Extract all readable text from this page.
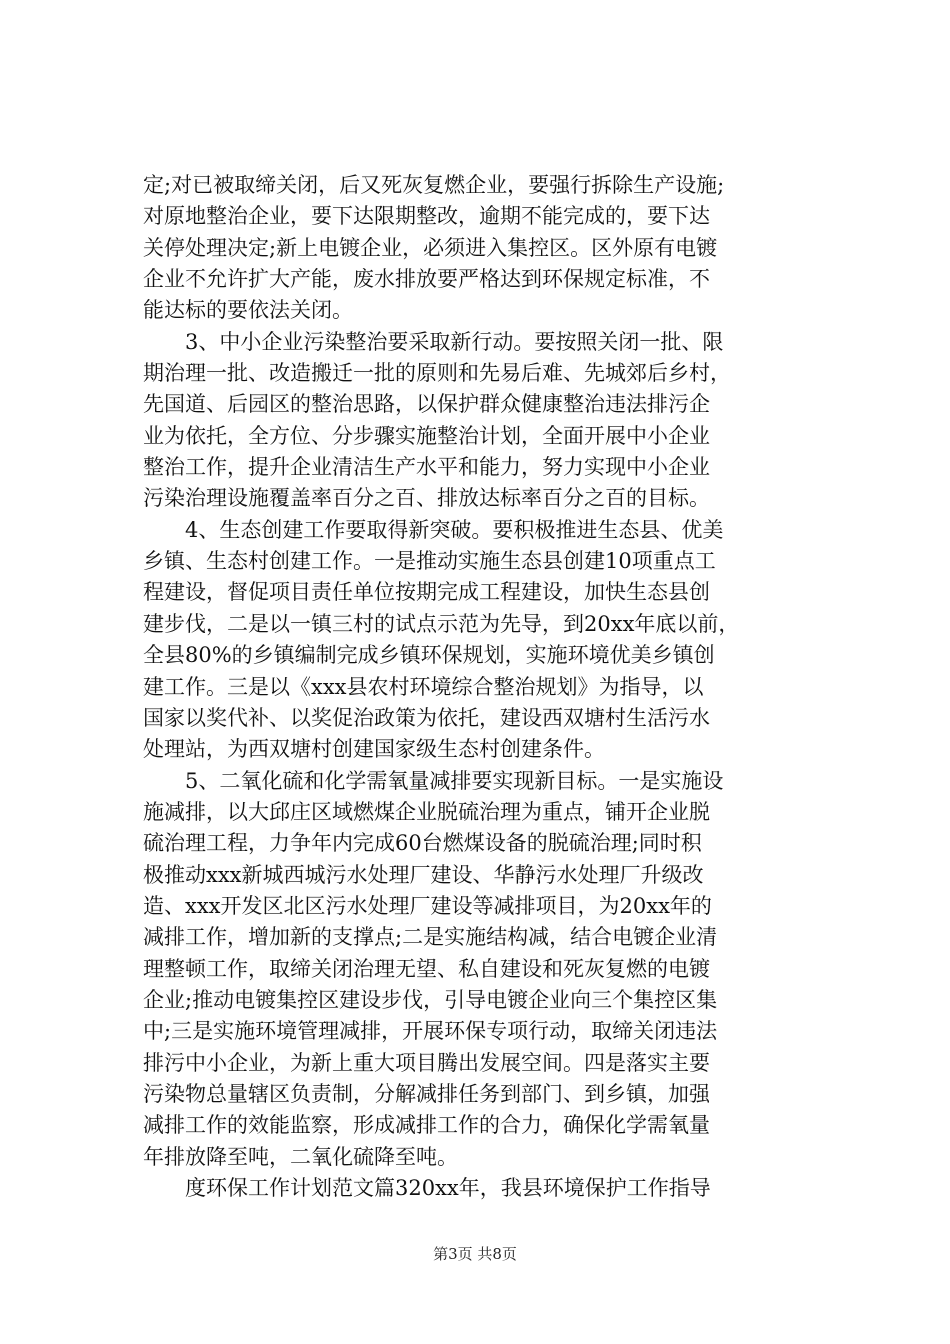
定;对已被取缔关闭，后又死灰复燃企业，要强行拆除生产设施;
对原地整治企业，要下达限期整改，逾期不能完成的，要下达
关停处理决定;新上电镀企业，必须进入集控区。区外原有电镀
企业不允许扩大产能，废水排放要严格达到环保规定标准，不
能达标的要依法关闭。
3、中小企业污染整治要采取新行动。要按照关闭一批、限
期治理一批、改造搬迁一批的原则和先易后难、先城郊后乡村，
先国道、后园区的整治思路，以保护群众健康整治违法排污企
业为依托，全方位、分步骤实施整治计划，全面开展中小企业
整治工作，提升企业清洁生产水平和能力，努力实现中小企业
污染治理设施覆盖率百分之百、排放达标率百分之百的目标。
4、生态创建工作要取得新突破。要积极推进生态县、优美
乡镇、生态村创建工作。一是推动实施生态县创建10项重点工
程建设，督促项目责任单位按期完成工程建设，加快生态县创
建步伐，二是以一镇三村的试点示范为先导，到20xx年底以前，
全县80%的乡镇编制完成乡镇环保规划，实施环境优美乡镇创
建工作。三是以《xxx县农村环境综合整治规划》为指导，以
国家以奖代补、以奖促治政策为依托，建设西双塘村生活污水
处理站，为西双塘村创建国家级生态村创建条件。
5、二氧化硫和化学需氧量减排要实现新目标。一是实施设
施减排，以大邱庄区域燃煤企业脱硫治理为重点，铺开企业脱
硫治理工程，力争年内完成60台燃煤设备的脱硫治理;同时积
极推动xxx新城西城污水处理厂建设、华静污水处理厂升级改
造、xxx开发区北区污水处理厂建设等减排项目，为20xx年的
减排工作，增加新的支撑点;二是实施结构减，结合电镀企业清
理整顿工作，取缔关闭治理无望、私自建设和死灰复燃的电镀
企业;推动电镀集控区建设步伐，引导电镀企业向三个集控区集
中;三是实施环境管理减排，开展环保专项行动，取缔关闭违法
排污中小企业，为新上重大项目腾出发展空间。四是落实主要
污染物总量辖区负责制，分解减排任务到部门、到乡镇，加强
减排工作的效能监察，形成减排工作的合力，确保化学需氧量
年排放降至吨，二氧化硫降至吨。
度环保工作计划范文篇320xx年，我县环境保护工作指导
第3页 共8页
